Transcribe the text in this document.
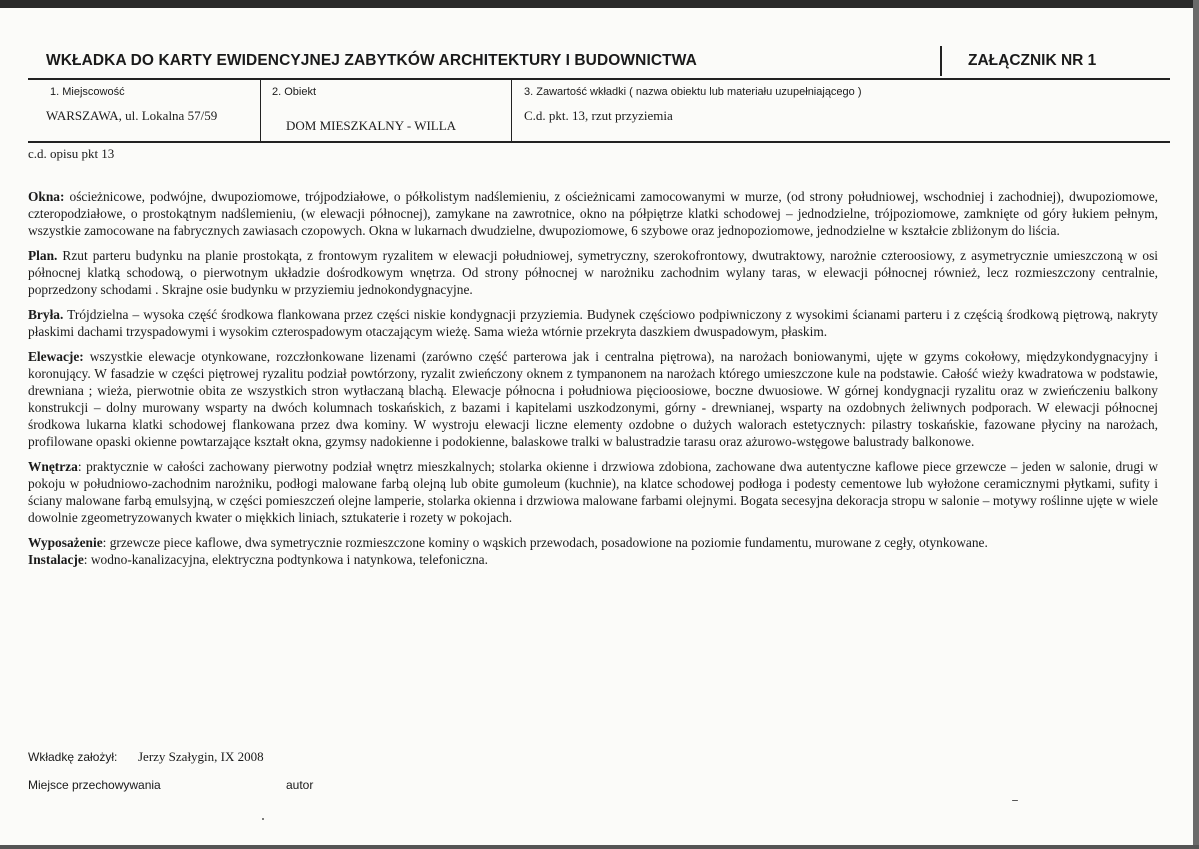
WKŁADKA DO KARTY EWIDENCYJNEJ ZABYTKÓW ARCHITEKTURY I BUDOWNICTWA	ZAŁĄCZNIK NR 1
1. Miejscowość
WARSZAWA, ul. Lokalna 57/59
2. Obiekt
DOM MIESZKALNY - WILLA
3. Zawartość wkładki ( nazwa obiektu lub materiału uzupełniającego )
C.d. pkt. 13, rzut przyziemia
c.d. opisu pkt 13

Okna: ościeżnicowe, podwójne, dwupoziomowe, trójpodziałowe, o półkolistym nadślemieniu, z ościeżnicami zamocowanymi w murze, (od strony południowej, wschodniej i zachodniej), dwupoziomowe, czteropodziałowe, o prostokątnym nadślemieniu, (w elewacji północnej), zamykane na zawrotnice, okno na półpiętrze klatki schodowej – jednodzielne, trójpoziomowe, zamknięte od góry łukiem pełnym, wszystkie zamocowane na fabrycznych zawiasach czopowych. Okna w lukarnach dwudzielne, dwupoziomowe, 6 szybowe oraz jednopoziomowe, jednodzielne w kształcie zbliżonym do liścia.

Plan. Rzut parteru budynku na planie prostokąta, z frontowym ryzalitem w elewacji południowej, symetryczny, szerokofrontowy, dwutraktowy, narożnie czteroosiowy, z asymetrycznie umieszczoną w osi północnej klatką schodową, o pierwotnym układzie dośrodkowym wnętrza. Od strony północnej w narożniku zachodnim wylany taras, w elewacji północnej również, lecz rozmieszczony centralnie, poprzedzony schodami . Skrajne osie budynku w przyziemiu jednokondygnacyjne.

Bryła. Trójdzielna – wysoka część środkowa flankowana przez części niskie kondygnacji przyziemia. Budynek częściowo podpiwniczony z wysokimi ścianami parteru i z częścią środkową piętrową, nakryty płaskimi dachami trzyspadowymi i wysokim czterospadowym otaczającym wieżę. Sama wieża wtórnie przekryta daszkiem dwuspadowym, płaskim.

Elewacje: wszystkie elewacje otynkowane, rozczłonkowane lizenami (zarówno część parterowa jak i centralna piętrowa), na narożach boniowanymi, ujęte w gzyms cokołowy, międzykondygnacyjny i koronujący. W fasadzie w części piętrowej ryzalitu podział powtórzony, ryzalit zwieńczony oknem z tympanonem na narożach którego umieszczone kule na podstawie. Całość wieży kwadratowa w podstawie, drewniana ; wieża, pierwotnie obita ze wszystkich stron wytłaczaną blachą. Elewacje północna i południowa pięcioosiowe, boczne dwuosiowe. W górnej kondygnacji ryzalitu oraz w zwieńczeniu balkony konstrukcji – dolny murowany wsparty na dwóch kolumnach toskańskich, z bazami i kapitelami uszkodzonymi, górny - drewnianej, wsparty na ozdobnych żeliwnych podporach. W elewacji północnej środkowa lukarna klatki schodowej flankowana przez dwa kominy. W wystroju elewacji liczne elementy ozdobne o dużych walorach estetycznych: pilastry toskańskie, fazowane płyciny na narożach, profilowane opaski okienne powtarzające kształt okna, gzymsy nadokienne i podokienne, balaskowe tralki w balustradzie tarasu oraz ażurowo-wstęgowe balustrady balkonowe.

Wnętrza: praktycznie w całości zachowany pierwotny podział wnętrz mieszkalnych; stolarka okienne i drzwiowa zdobiona, zachowane dwa autentyczne kaflowe piece grzewcze – jeden w salonie, drugi w pokoju w południowo-zachodnim narożniku, podłogi malowane farbą olejną lub obite gumoleum (kuchnie), na klatce schodowej podłoga i podesty cementowe lub wyłożone ceramicznymi płytkami, sufity i ściany malowane farbą emulsyjną, w części pomieszczeń olejne lamperie, stolarka okienna i drzwiowa malowane farbami olejnymi. Bogata secesyjna dekoracja stropu w salonie – motywy roślinne ujęte w wiele dowolnie zgeometryzowanych kwater o miękkich liniach, sztukaterie i rozety w pokojach.

Wyposażenie: grzewcze piece kaflowe, dwa symetrycznie rozmieszczone kominy o wąskich przewodach, posadowione na poziomie fundamentu, murowane z cegły, otynkowane.

Instalacje: wodno-kanalizacyjna, elektryczna podtynkowa i natynkowa, telefoniczna.

Wkładkę założył: Jerzy Szałygin, IX 2008
Miejsce przechowywania	autor
